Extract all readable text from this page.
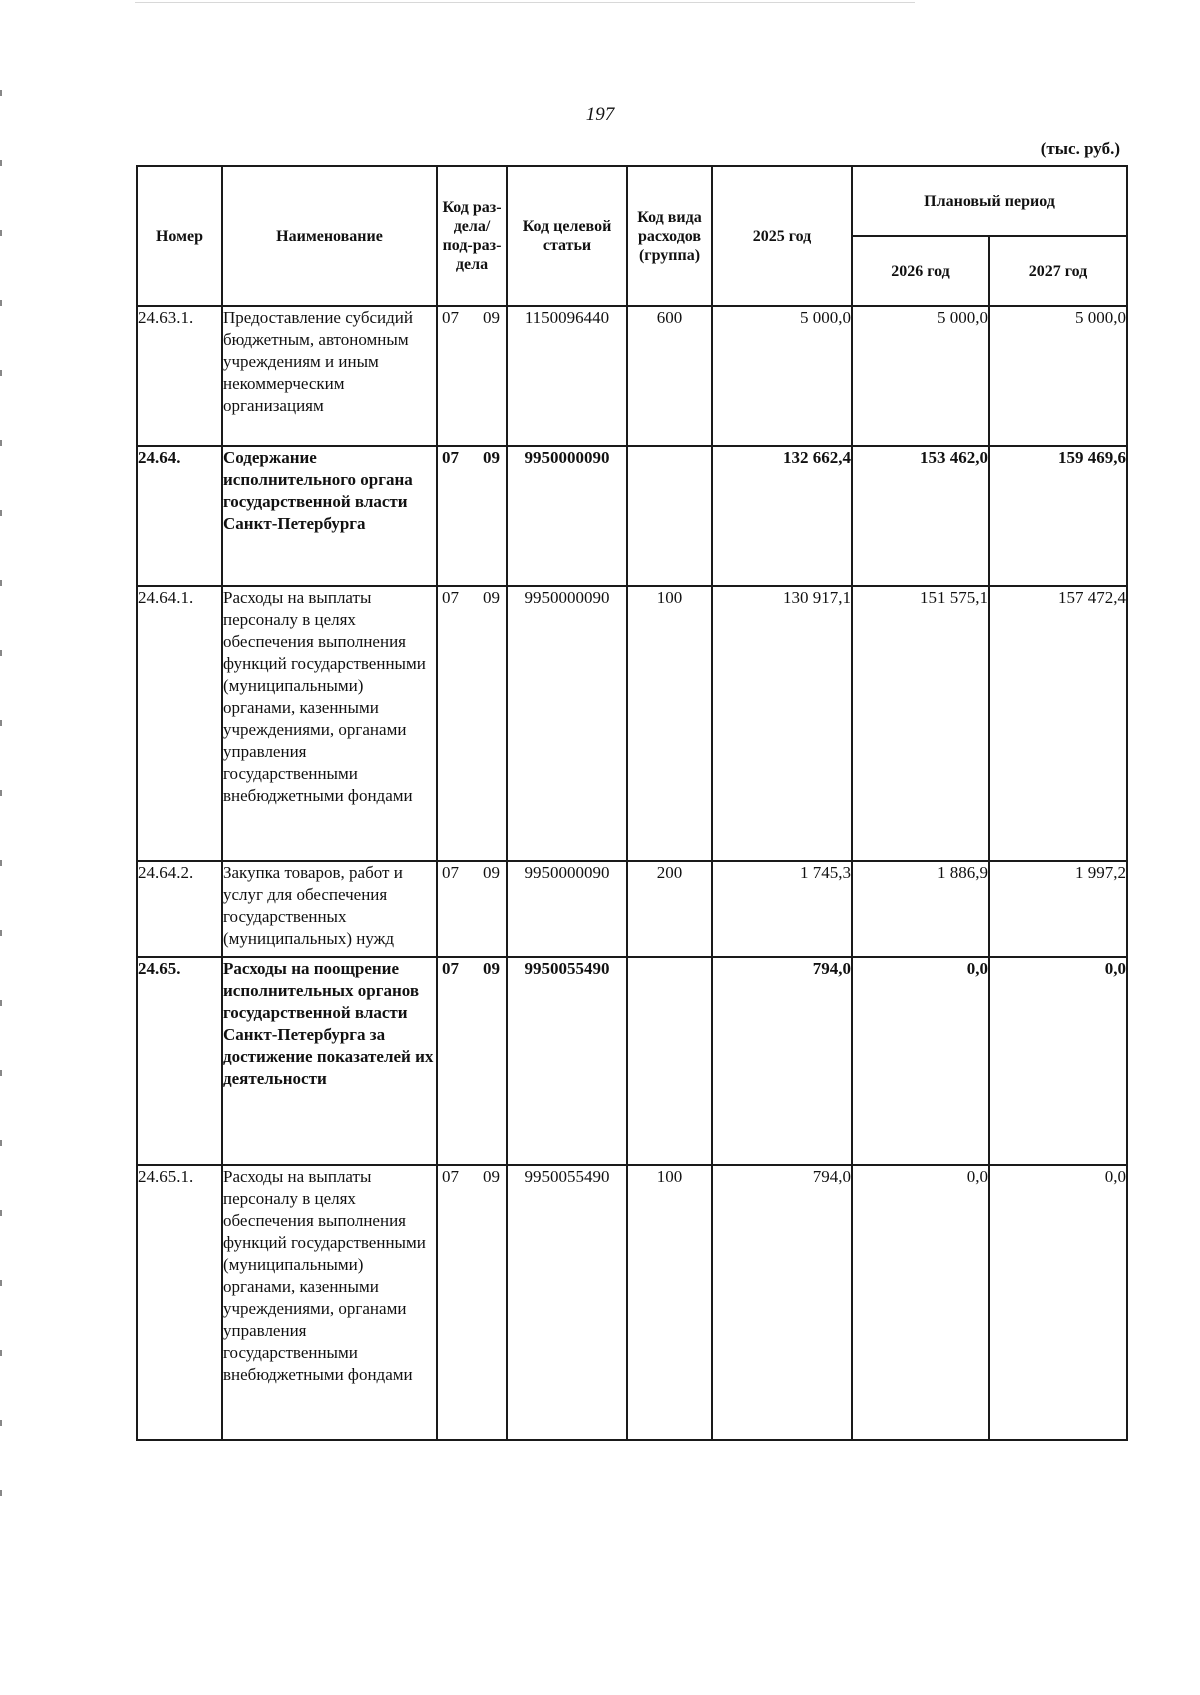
197
(тыс. руб.)
Номер	Наименование	Код раз-дела/ под-раз-дела	Код целевой статьи	Код вида расходов (группа)	2025 год	Плановый период	
						2026 год	2027 год
24.63.1.	Предоставление субсидий бюджетным, автономным учреждениям и иным некоммерческим организациям	07 09	1150096440	600	5 000,0	5 000,0	5 000,0
24.64.	Содержание исполнительного органа государственной власти Санкт-Петербурга	07 09	9950000090		132 662,4	153 462,0	159 469,6
24.64.1.	Расходы на выплаты персоналу в целях обеспечения выполнения функций государственными (муниципальными) органами, казенными учреждениями, органами управления государственными внебюджетными фондами	07 09	9950000090	100	130 917,1	151 575,1	157 472,4
24.64.2.	Закупка товаров, работ и услуг для обеспечения государственных (муниципальных) нужд	07 09	9950000090	200	1 745,3	1 886,9	1 997,2
24.65.	Расходы на поощрение исполнительных органов государственной власти Санкт-Петербурга за достижение показателей их деятельности	07 09	9950055490		794,0	0,0	0,0
24.65.1.	Расходы на выплаты персоналу в целях обеспечения выполнения функций государственными (муниципальными) органами, казенными учреждениями, органами управления государственными внебюджетными фондами	07 09	9950055490	100	794,0	0,0	0,0
